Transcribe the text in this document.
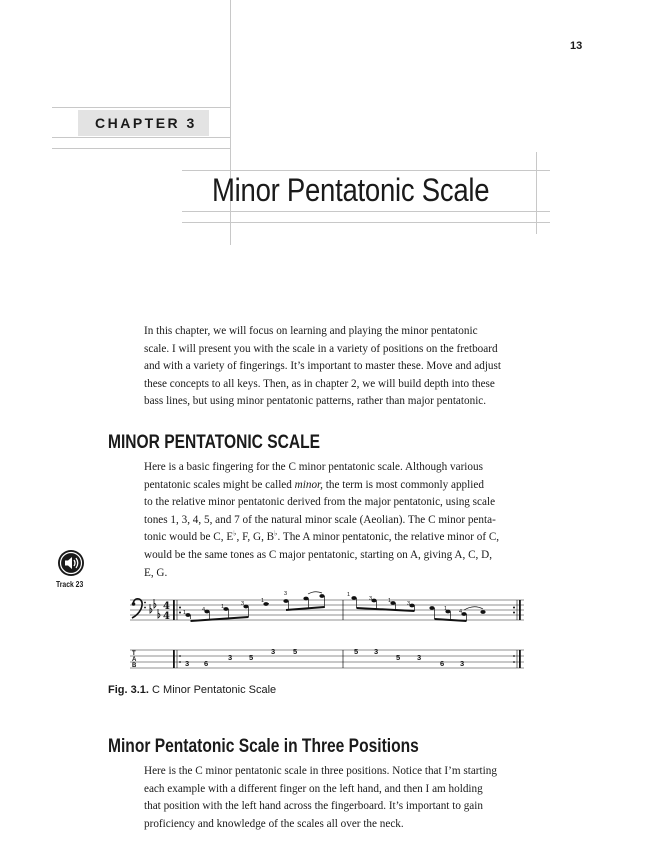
13
CHAPTER 3
Minor Pentatonic Scale
In this chapter, we will focus on learning and playing the minor pentatonic
scale. I will present you with the scale in a variety of positions on the fretboard
and with a variety of fingerings. It’s important to master these. Move and adjust
these concepts to all keys. Then, as in chapter 2, we will build depth into these
bass lines, but using minor pentatonic patterns, rather than major pentatonic.
MINOR PENTATONIC SCALE
Here is a basic fingering for the C minor pentatonic scale. Although various
pentatonic scales might be called minor, the term is most commonly applied
to the relative minor pentatonic derived from the major pentatonic, using scale
tones 1, 3, 4, 5, and 7 of the natural minor scale (Aeolian). The C minor penta-
tonic would be C, E♭, F, G, B♭. The A minor pentatonic, the relative minor of C,
would be the same tones as C major pentatonic, starting on A, giving A, C, D,
E, G.
Track 23
4
4 1	4	1	3	1
3	1
3	1	3
1 4
T
A
B	3 6
3 5
3 5	5 3
5 3
6 3
Fig. 3.1. C Minor Pentatonic Scale
Minor Pentatonic Scale in Three Positions
Here is the C minor pentatonic scale in three positions. Notice that I’m starting
each example with a different finger on the left hand, and then I am holding
that position with the left hand across the fingerboard. It’s important to gain
proficiency and knowledge of the scales all over the neck.
